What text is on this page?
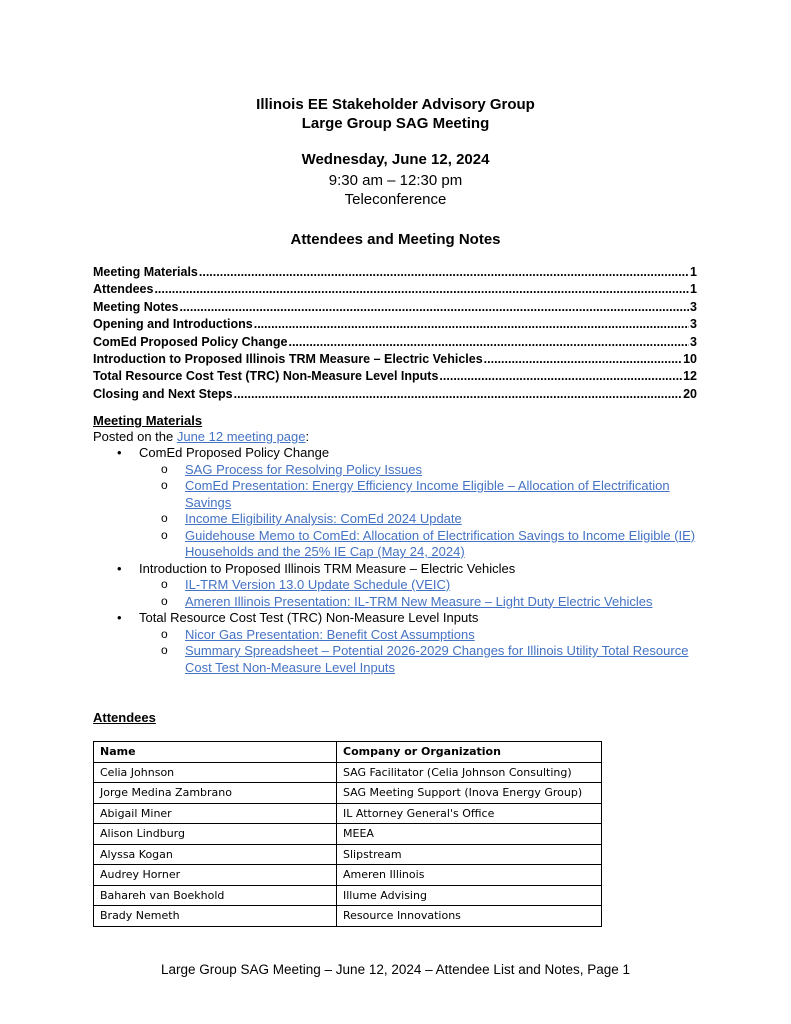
Illinois EE Stakeholder Advisory Group
Large Group SAG Meeting
Wednesday, June 12, 2024
9:30 am – 12:30 pm
Teleconference
Attendees and Meeting Notes
Meeting Materials .....	1
Attendees .....	1
Meeting Notes .....	3
Opening and Introductions .....	3
ComEd Proposed Policy Change .....	3
Introduction to Proposed Illinois TRM Measure – Electric Vehicles .....	10
Total Resource Cost Test (TRC) Non-Measure Level Inputs .....	12
Closing and Next Steps .....	20
Meeting Materials
Posted on the June 12 meeting page:
• ComEd Proposed Policy Change
o SAG Process for Resolving Policy Issues
o ComEd Presentation: Energy Efficiency Income Eligible – Allocation of Electrification Savings
o Income Eligibility Analysis: ComEd 2024 Update
o Guidehouse Memo to ComEd: Allocation of Electrification Savings to Income Eligible (IE) Households and the 25% IE Cap (May 24, 2024)
• Introduction to Proposed Illinois TRM Measure – Electric Vehicles
o IL-TRM Version 13.0 Update Schedule (VEIC)
o Ameren Illinois Presentation: IL-TRM New Measure – Light Duty Electric Vehicles
• Total Resource Cost Test (TRC) Non-Measure Level Inputs
o Nicor Gas Presentation: Benefit Cost Assumptions
o Summary Spreadsheet – Potential 2026-2029 Changes for Illinois Utility Total Resource Cost Test Non-Measure Level Inputs
Attendees
Name	Company or Organization
Celia Johnson	SAG Facilitator (Celia Johnson Consulting)
Jorge Medina Zambrano	SAG Meeting Support (Inova Energy Group)
Abigail Miner	IL Attorney General's Office
Alison Lindburg	MEEA
Alyssa Kogan	Slipstream
Audrey Horner	Ameren Illinois
Bahareh van Boekhold	Illume Advising
Brady Nemeth	Resource Innovations
Large Group SAG Meeting – June 12, 2024 – Attendee List and Notes, Page 1
